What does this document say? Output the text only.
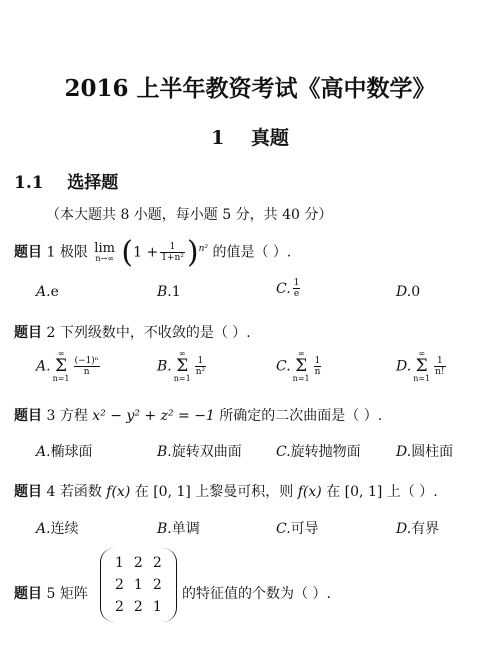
2016 上半年教资考试《高中数学》
1 真题
1.1 选择题
（本大题共 8 小题，每小题 5 分，共 40 分）
题目 1 极限 lim
n→∞ $(1 + \frac{1}{\text{1+n²}} )^{n^2}$ 的值是（ ）.
A.e	B.1	C. $\frac{1}{e}$	D.0
题目 2 下列级数中，不收敛的是（ ）.
A.∞
Σ
n=1
$\frac{\text{(−1)ⁿ}}{n}$	B.∞
Σ
n=1
$\frac{1}{\text{n²}}$	C.∞
Σ
n=1
$\frac{1}{n}$	D.∞
Σ
n=1
$\frac{1}{n!}$
题目 3 方程 x² − y² + z² = −1 所确定的二次曲面是（ ）.
A.椭球面	B.旋转双曲面 C.旋转抛物面	D.圆柱面
题目 4 若函数 f(x) 在 [0, 1] 上黎曼可积，则 f(x) 在 [0, 1] 上（ ）.
A.连续	B.单调	C.可导	D.有界
题目 5 矩阵
1	2	2
2	1	2
2	2	1
的特征值的个数为（ ）.
